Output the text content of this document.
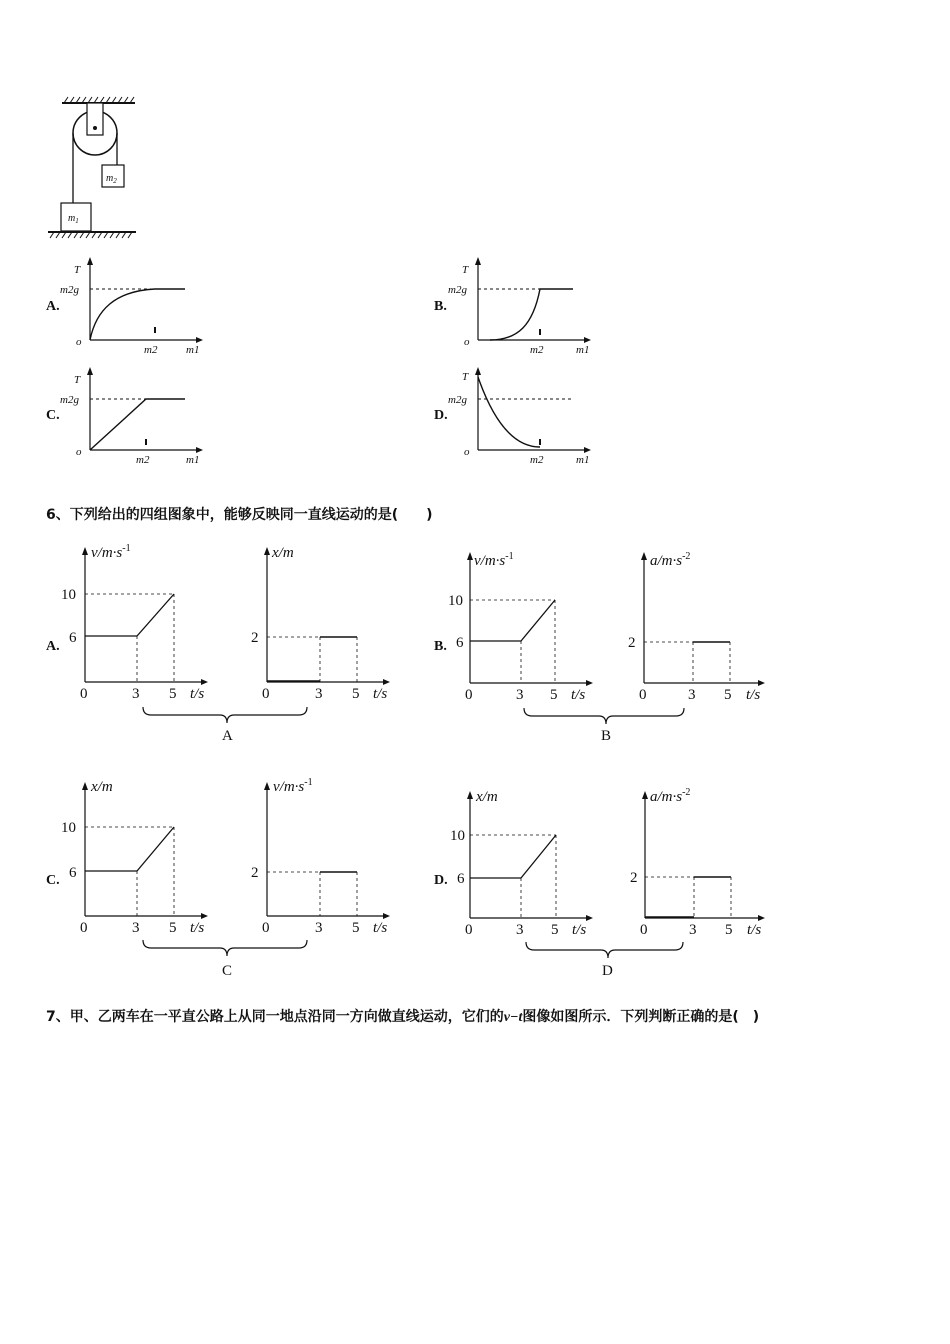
$m_2$
$m_1$
A.	B.
C.	D.
T
m2g
o
m2	m1
T
m2g
o
m2	m1
T
m2g
o
m2	m1
T
m2g
o
m2	m1
6、下列给出的四组图象中，能够反映同一直线运动的是(　　)
A.	B.
C.	D.
$v/m\cdot s^{-1}$
10
6
0	3 5 t/s
x/m
2
0	3 5 t/s
A
$v/m\cdot s^{-1}$
10
6
0	3 5 t/s
$a/m\cdot s^{-2}$
2
0	3 5 t/s
B
x/m
10
6
0	3 5 t/s
$v/m\cdot s^{-1}$
2
0	3 5 t/s
C
x/m
10
6
0	3 5 t/s
$a/m\cdot s^{-2}$
2
0	3 5 t/s
D
7、甲、乙两车在一平直公路上从同一地点沿同一方向做直线运动，它们的v−t图像如图所示．下列判断正确的是(　)
